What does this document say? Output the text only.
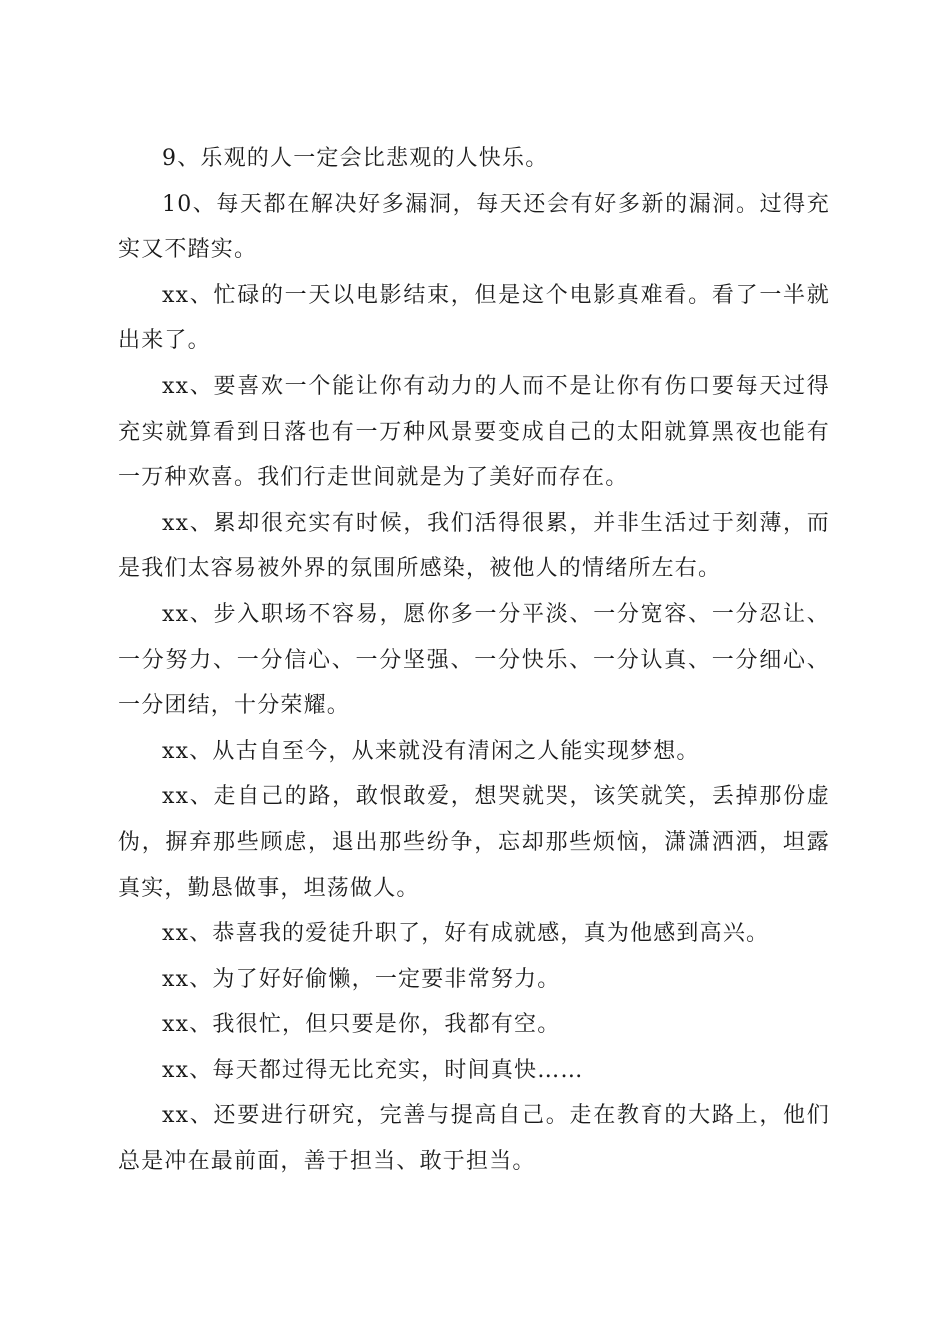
9、乐观的人一定会比悲观的人快乐。

10、每天都在解决好多漏洞，每天还会有好多新的漏洞。过得充实又不踏实。

xx、忙碌的一天以电影结束，但是这个电影真难看。看了一半就出来了。

xx、要喜欢一个能让你有动力的人而不是让你有伤口要每天过得充实就算看到日落也有一万种风景要变成自己的太阳就算黑夜也能有一万种欢喜。我们行走世间就是为了美好而存在。

xx、累却很充实有时候，我们活得很累，并非生活过于刻薄，而是我们太容易被外界的氛围所感染，被他人的情绪所左右。

xx、步入职场不容易，愿你多一分平淡、一分宽容、一分忍让、一分努力、一分信心、一分坚强、一分快乐、一分认真、一分细心、一分团结，十分荣耀。

xx、从古自至今，从来就没有清闲之人能实现梦想。

xx、走自己的路，敢恨敢爱，想哭就哭，该笑就笑，丢掉那份虚伪，摒弃那些顾虑，退出那些纷争，忘却那些烦恼，潇潇洒洒，坦露真实，勤恳做事，坦荡做人。

xx、恭喜我的爱徒升职了，好有成就感，真为他感到高兴。

xx、为了好好偷懒，一定要非常努力。

xx、我很忙，但只要是你，我都有空。

xx、每天都过得无比充实，时间真快……

xx、还要进行研究，完善与提高自己。走在教育的大路上，他们总是冲在最前面，善于担当、敢于担当。
